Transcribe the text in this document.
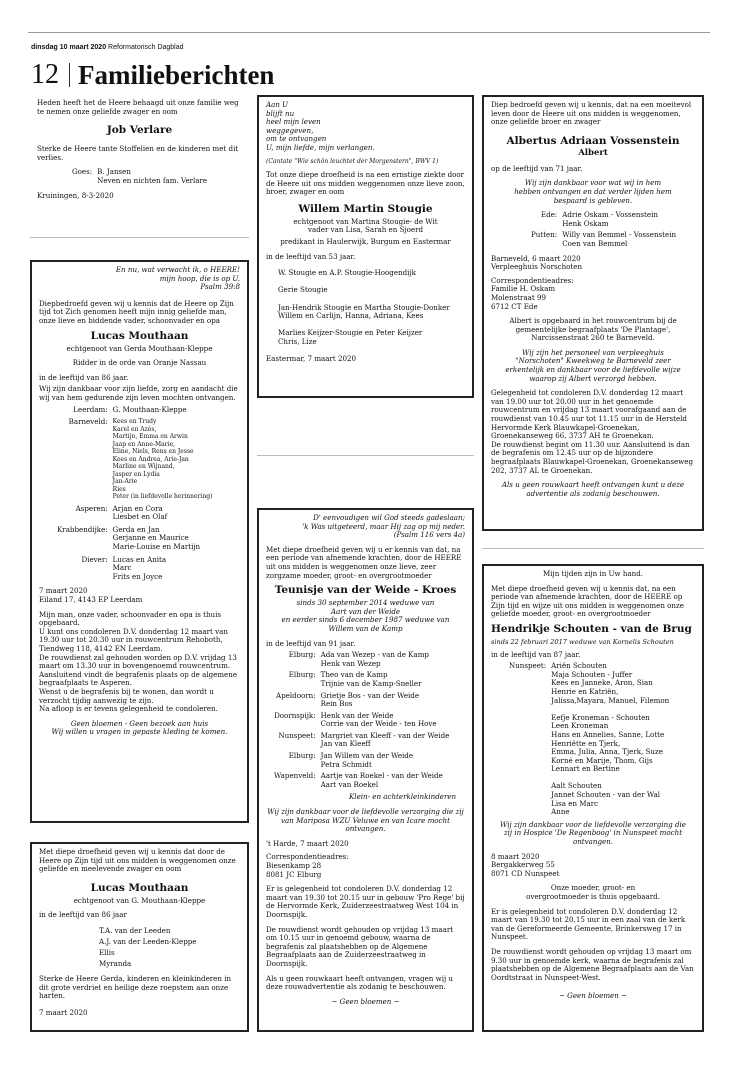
dinsdag 10 maart 2020 Reformatorisch Dagblad
12 Familieberichten

Heden heeft het de Heere behaagd uit onze familie weg te nemen onze geliefde zwager en oom

Job Verlare

Sterke de Heere tante Stoffelien en de kinderen met dit verlies.

Goes: B. Jansen
Neven en nichten fam. Verlare

Kruiningen, 8-3-2020

En nu, wat verwacht ik, o HEERE!
mijn hoop, die is op U.
Psalm 39:8

Diepbedroefd geven wij u kennis dat de Heere op Zijn tijd tot Zich genomen heeft mijn innig geliefde man, onze lieve en biddende vader, schoonvader en opa

Lucas Mouthaan

echtgenoot van Gerda Mouthaan-Kleppe

Ridder in de orde van Oranje Nassau

in de leeftijd van 86 jaar.

Wij zijn dankbaar voor zijn liefde, zorg en aandacht die wij van hem gedurende zijn leven mochten ontvangen.

Leerdam: G. Mouthaan-Kleppe
Barneveld: Kees en Trudy
Karel en Azés,
Martijn, Emma en Arwin
Jaap en Anne-Marie,
Eline, Niels, Rens en Jesse
Kees en Andrea, Arie-Jan
Marline en Wijnand,
Jasper en Lydia
Jan-Arie
Ries
Peter (in liefdevolle herinnering)
Asperen: Arjan en Cora
Liesbet en Olaf
Krabbendijke: Gerda en Jan
Gerjanne en Maurice
Marie-Louise en Martijn
Diever: Lucas en Anita
Marc
Frits en Joyce

7 maart 2020
Eiland 17, 4143 EP Leerdam

Mijn man, onze vader, schoonvader en opa is thuis opgebaard.
U kunt ons condoleren D.V. donderdag 12 maart van 19.30 uur tot 20.30 uur in rouwcentrum Rehoboth, Tiendweg 118, 4142 EN Leerdam.
De rouwdienst zal gehouden worden op D.V. vrijdag 13 maart om 13.30 uur in bovengenoemd rouwcentrum. Aansluitend vindt de begrafenis plaats op de algemene begraafplaats te Asperen.
Wenst u de begrafenis bij te wonen, dan wordt u verzocht tijdig aanwezig te zijn.
Na afloop is er tevens gelegenheid te condoleren.

Geen bloemen - Geen bezoek aan huis
Wij willen u vragen in gepaste kleding te komen.

Met diepe droefheid geven wij u kennis dat door de Heere op Zijn tijd uit ons midden is weggenomen onze geliefde en meelevende zwager en oom

Lucas Mouthaan

echtgenoot van G. Mouthaan-Kleppe

in de leeftijd van 86 jaar

T.A. van der Leeden
A.J. van der Leeden-Kleppe
Ellis
Myranda

Sterke de Heere Gerda, kinderen en kleinkinderen in dit grote verdriet en heilige deze roepstem aan onze harten.

7 maart 2020

Aan U
blijft nu
heel mijn leven
weggegeven,
om te ontvangen
U, mijn liefde, mijn verlangen.

(Cantate "Wie schön leuchtet der Morgenstern", BWV 1)

Tot onze diepe droefheid is na een ernstige ziekte door de Heere uit ons midden weggenomen onze lieve zoon, broer, zwager en oom

Willem Martin Stougie

echtgenoot van Martina Stougie- de Wit
vader van Lisa, Sarah en Sjoerd

predikant in Haulerwijk, Burgum en Eastermar

in de leeftijd van 53 jaar.

W. Stougie en A.P. Stougie-Hoogendijk

Gerie Stougie

Jan-Hendrik Stougie en Martha Stougie-Donker
Willem en Carlijn, Hanna, Adriana, Kees

Marlies Keijzer-Stougie en Peter Keijzer
Chris, Lize

Eastermar, 7 maart 2020

D' eenvoudigen wil God steeds gadeslaan;
'k Was uitgeteerd, maar Hij zag op mij neder.
(Psalm 116 vers 4a)

Met diepe droefheid geven wij u er kennis van dat, na een periode van afnemende krachten, door de HEERE uit ons midden is weggenomen onze lieve, zeer zorgzame moeder, groot- en overgrootmoeder

Teunisje van der Weide - Kroes

sinds 30 september 2014 weduwe van
Aart van der Weide
en eerder sinds 6 december 1987 weduwe van
Willem van de Kamp

in de leeftijd van 91 jaar.

Elburg: Ada van Wezep - van de Kamp
Henk van Wezep
Elburg: Theo van de Kamp
Trijnie van de Kamp-Sneller
Apeldoorn: Grietje Bos - van der Weide
Rein Bos
Doornspijk: Henk van der Weide
Corrie van der Weide - ten Hove
Nunspeet: Margriet van Kleeff - van der Weide
Jan van Kleeff
Elburg: Jan Willem van der Weide
Petra Schmidt
Wapenveld: Aartje van Roekel - van der Weide
Aart van Roekel

Klein- en achterkleinkinderen

Wij zijn dankbaar voor de liefdevolle verzorging die zij van Mariposa WZU Veluwe en van Icare mocht ontvangen.

't Harde, 7 maart 2020

Correspondentieadres:
Biesenkamp 28
8081 JC Elburg

Er is gelegenheid tot condoleren D.V. donderdag 12 maart van 19.30 tot 20.15 uur in gebouw 'Pro Rege' bij de Hervormde Kerk, Zuiderzeestraatweg West 104 in Doornspijk.

De rouwdienst wordt gehouden op vrijdag 13 maart om 10.15 uur in genoemd gebouw, waarna de begrafenis zal plaatshebben op de Algemene Begraafplaats aan de Zuiderzeestraatweg in Doornspijk.

Als u geen rouwkaart heeft ontvangen, vragen wij u deze rouwadvertentie als zodanig te beschouwen.

~ Geen bloemen ~

Diep bedroefd geven wij u kennis, dat na een moeitevol leven door de Heere uit ons midden is weggenomen, onze geliefde broer en zwager

Albertus Adriaan Vossenstein

Albert

op de leeftijd van 71 jaar.

Wij zijn dankbaar voor wat wij in hem hebben ontvangen en dat verder lijden hem bespaard is gebleven.

Ede: Adrie Oskam - Vossenstein
Henk Oskam
Putten: Willy van Bemmel - Vossenstein
Coen van Bemmel

Barneveld, 6 maart 2020
Verpleeghuis Norschoten

Correspondentieadres:
Familie H. Oskam
Molenstraat 99
6712 CT Ede

Albert is opgebaard in het rouwcentrum bij de gemeentelijke begraafplaats 'De Plantage', Narcissenstraat 260 te Barneveld.

Wij zijn het personeel van verpleeghuis "Norschoten" Kweekweg te Barneveld zeer erkentelijk en dankbaar voor de liefdevolle wijze waarop zij Albert verzorgd hebben.

Gelegenheid tot condoleren D.V. donderdag 12 maart van 19.00 uur tot 20.00 uur in het genoemde rouwcentrum en vrijdag 13 maart voorafgaand aan de rouwdienst van 10.45 uur tot 11.15 uur in de Hersteld Hervormde Kerk Blauwkapel-Groenekan, Groenekanseweg 66, 3737 AH te Groenekan.
De rouwdienst begint om 11.30 uur. Aansluitend is dan de begrafenis om 12.45 uur op de bijzondere begraafplaats Blauwkapel-Groenekan, Groenekanseweg 202, 3737 AL te Groenekan.

Als u geen rouwkaart heeft ontvangen kunt u deze advertentie als zodanig beschouwen.

Mijn tijden zijn in Uw hand.

Met diepe droefheid geven wij u kennis dat, na een periode van afnemende krachten, door de HEERE op Zijn tijd en wijze uit ons midden is weggenomen onze geliefde moeder, groot- en overgrootmoeder

Hendrikje Schouten - van de Brug

sinds 22 februari 2017 weduwe van Kornelis Schouten

in de leeftijd van 87 jaar.

Nunspeet: Ariën Schouten
Maja Schouten - Juffer
Kees en Janneke, Aron, Sian
Henrie en Katriën,
Jalissa,Mayara, Manuel, Filemon

Eefje Kroneman - Schouten
Leen Kroneman
Hans en Annelies, Sanne, Lotte
Henriëtte en Tjerk,
Emma, Julia, Anna, Tjerk, Suze
Korné en Marije, Thom, Gijs
Lennart en Bertine

Aalt Schouten
Jannet Schouten - van der Wal
Lisa en Marc
Anne

Wij zijn dankbaar voor de liefdevolle verzorging die zij in Hospice 'De Regenboog' in Nunspeet mocht ontvangen.

8 maart 2020
Bergakkerweg 55
8071 CD Nunspeet

Onze moeder, groot- en overgrootmoeder is thuis opgebaard.

Er is gelegenheid tot condoleren D.V. donderdag 12 maart van 19.30 tot 20.15 uur in een zaal van de kerk van de Gereformeerde Gemeente, Brinkersweg 17 in Nunspeet.

De rouwdienst wordt gehouden op vrijdag 13 maart om 9.30 uur in genoemde kerk, waarna de begrafenis zal plaatshebben op de Algemene Begraafplaats aan de Van Oordtstraat in Nunspeet-West.

~ Geen bloemen ~
